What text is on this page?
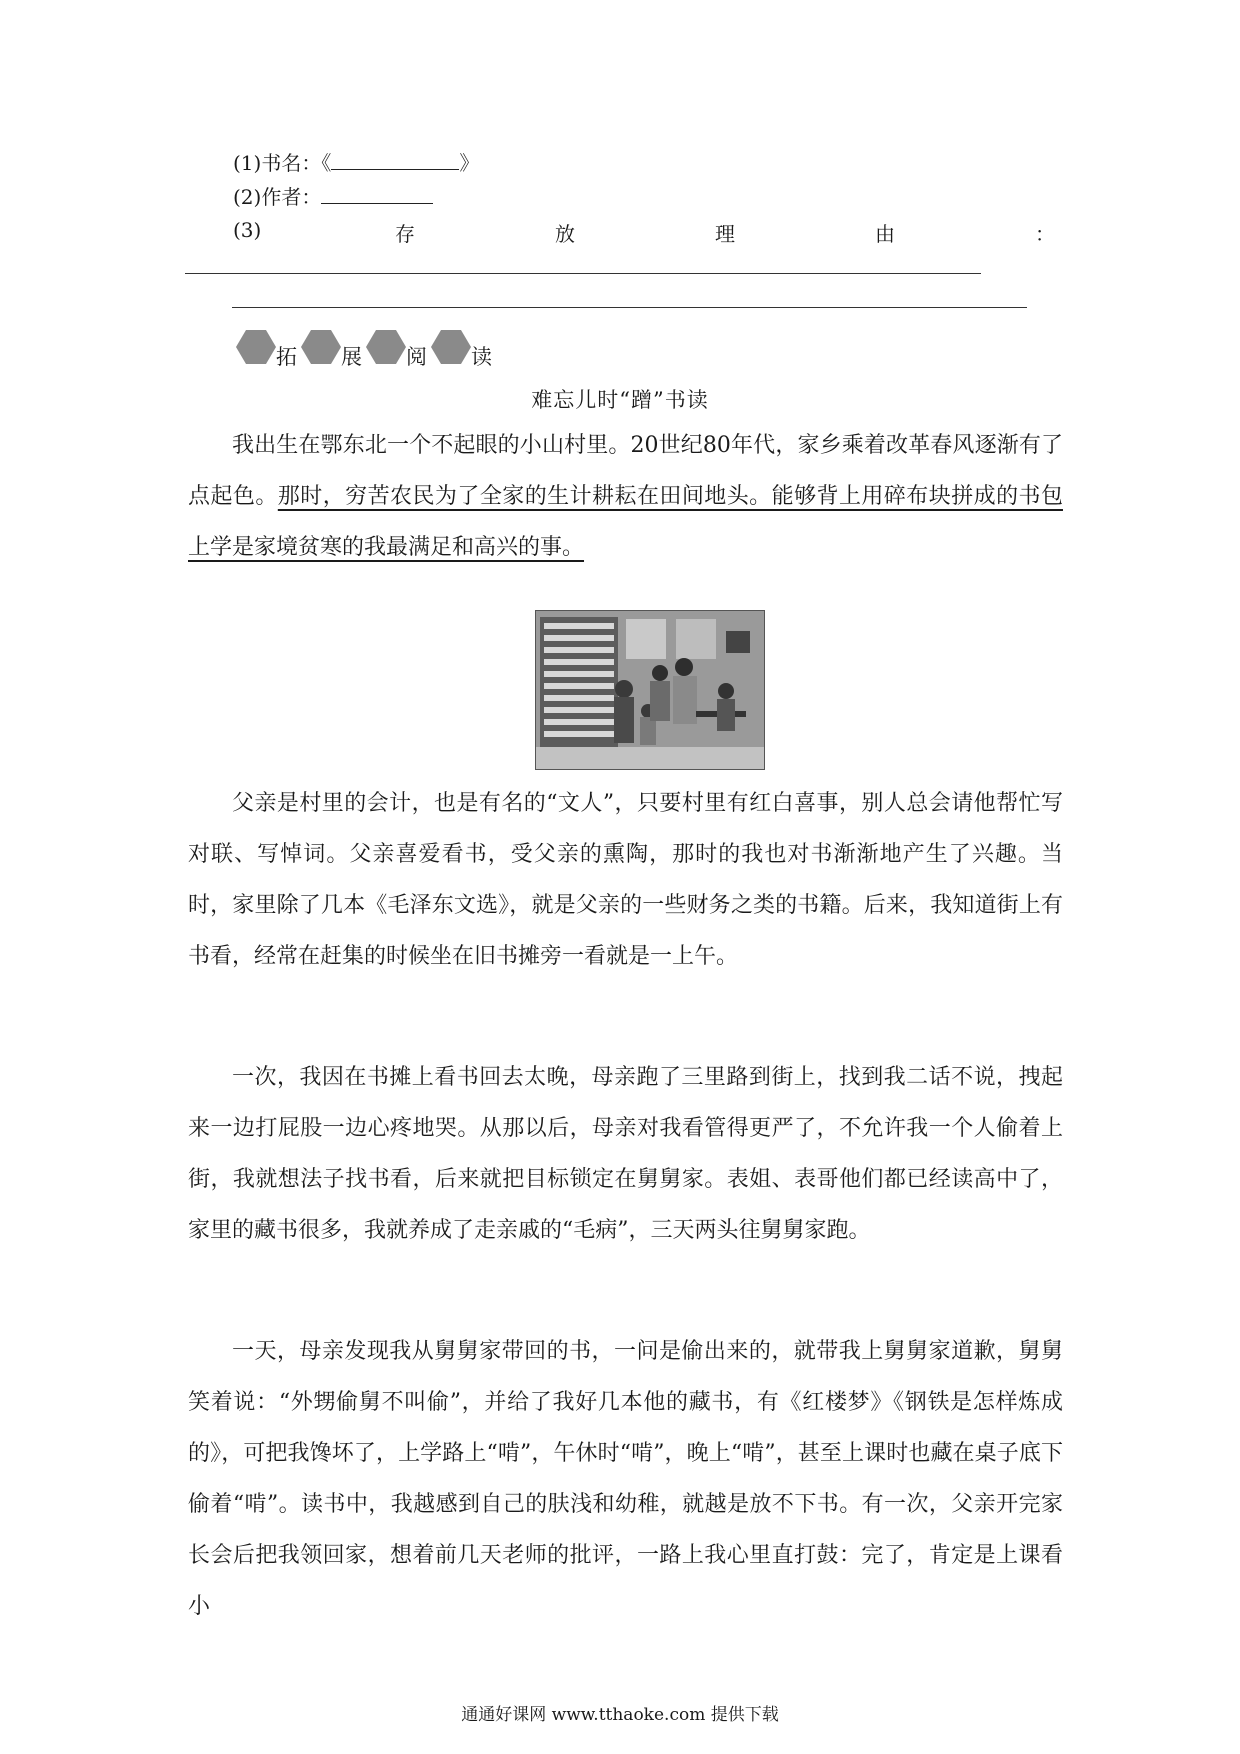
(1)书名：《	》
(2)作者：
(3)	存	放	理	由	：
拓 展 阅 读
难忘儿时“蹭”书读

我出生在鄂东北一个不起眼的小山村里。20世纪80年代，家乡乘着改革春风逐渐有了点起色。那时，穷苦农民为了全家的生计耕耘在田间地头。能够背上用碎布块拼成的书包上学是家境贫寒的我最满足和高兴的事。

父亲是村里的会计，也是有名的“文人”，只要村里有红白喜事，别人总会请他帮忙写对联、写悼词。父亲喜爱看书，受父亲的熏陶，那时的我也对书渐渐地产生了兴趣。当时，家里除了几本《毛泽东文选》，就是父亲的一些财务之类的书籍。后来，我知道街上有书看，经常在赶集的时候坐在旧书摊旁一看就是一上午。

一次，我因在书摊上看书回去太晚，母亲跑了三里路到街上，找到我二话不说，拽起来一边打屁股一边心疼地哭。从那以后，母亲对我看管得更严了，不允许我一个人偷着上街，我就想法子找书看，后来就把目标锁定在舅舅家。表姐、表哥他们都已经读高中了，家里的藏书很多，我就养成了走亲戚的“毛病”，三天两头往舅舅家跑。

一天，母亲发现我从舅舅家带回的书，一问是偷出来的，就带我上舅舅家道歉，舅舅笑着说：“外甥偷舅不叫偷”，并给了我好几本他的藏书，有《红楼梦》《钢铁是怎样炼成的》，可把我馋坏了，上学路上“啃”，午休时“啃”，晚上“啃”，甚至上课时也藏在桌子底下偷着“啃”。读书中，我越感到自己的肤浅和幼稚，就越是放不下书。有一次，父亲开完家长会后把我领回家，想着前几天老师的批评，一路上我心里直打鼓：完了，肯定是上课看小

通通好课网 www.tthaoke.com 提供下载
